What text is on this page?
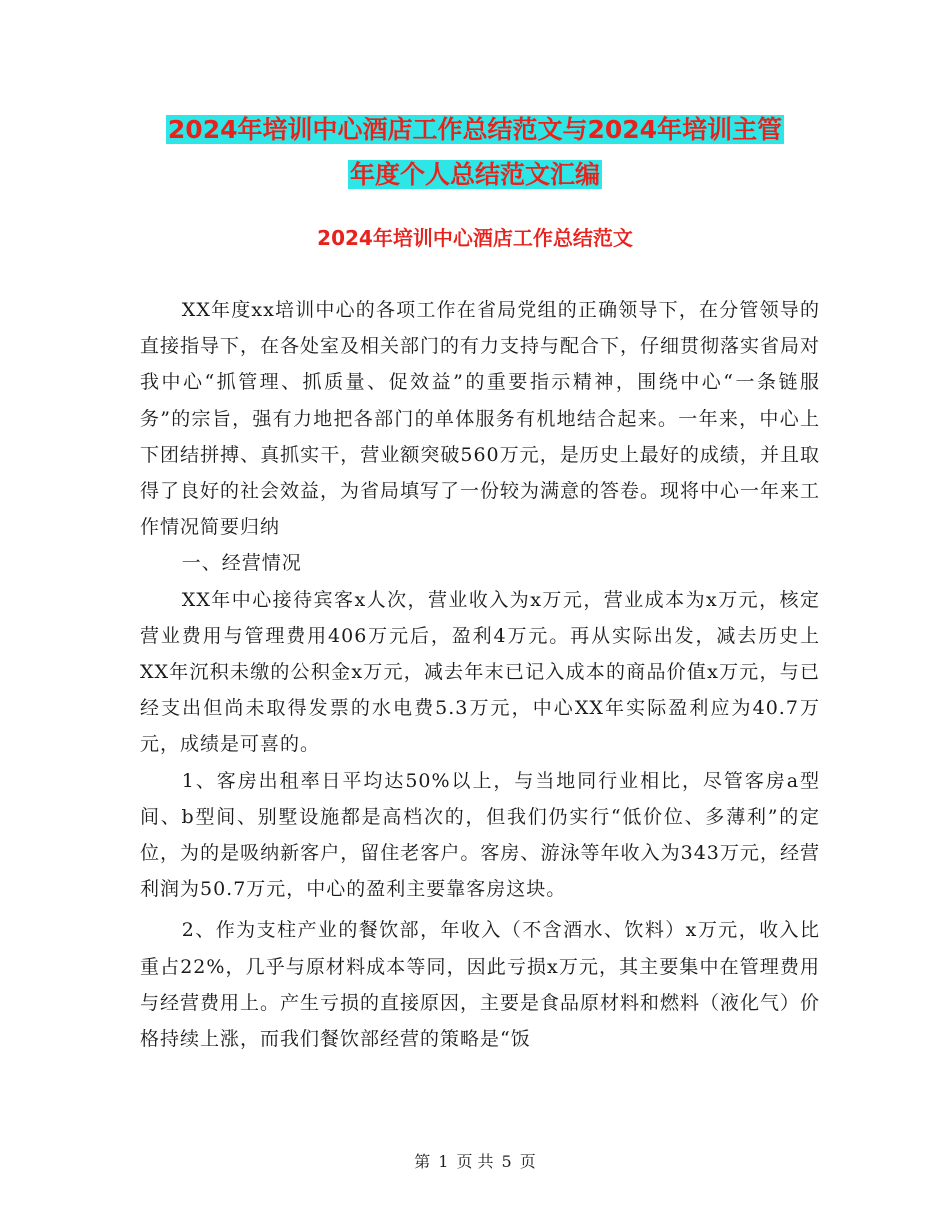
2024年培训中心酒店工作总结范文与2024年培训主管
年度个人总结范文汇编
2024年培训中心酒店工作总结范文

XX年度xx培训中心的各项工作在省局党组的正确领导下，在分管领导的直接指导下，在各处室及相关部门的有力支持与配合下，仔细贯彻落实省局对我中心“抓管理、抓质量、促效益”的重要指示精神，围绕中心“一条链服务”的宗旨，强有力地把各部门的单体服务有机地结合起来。一年来，中心上下团结拼搏、真抓实干，营业额突破560万元，是历史上最好的成绩，并且取得了良好的社会效益，为省局填写了一份较为满意的答卷。现将中心一年来工作情况简要归纳

一、经营情况

XX年中心接待宾客x人次，营业收入为x万元，营业成本为x万元，核定营业费用与管理费用406万元后，盈利4万元。再从实际出发，减去历史上XX年沉积未缴的公积金x万元，减去年末已记入成本的商品价值x万元，与已经支出但尚未取得发票的水电费5.3万元，中心XX年实际盈利应为40.7万元，成绩是可喜的。

1、客房出租率日平均达50%以上，与当地同行业相比，尽管客房a型间、b型间、别墅设施都是高档次的，但我们仍实行“低价位、多薄利”的定位，为的是吸纳新客户，留住老客户。客房、游泳等年收入为343万元，经营利润为50.7万元，中心的盈利主要靠客房这块。

2、作为支柱产业的餐饮部，年收入（不含酒水、饮料）x万元，收入比重占22%，几乎与原材料成本等同，因此亏损x万元，其主要集中在管理费用与经营费用上。产生亏损的直接原因，主要是食品原材料和燃料（液化气）价格持续上涨，而我们餐饮部经营的策略是“饭

第 1 页 共 5 页
